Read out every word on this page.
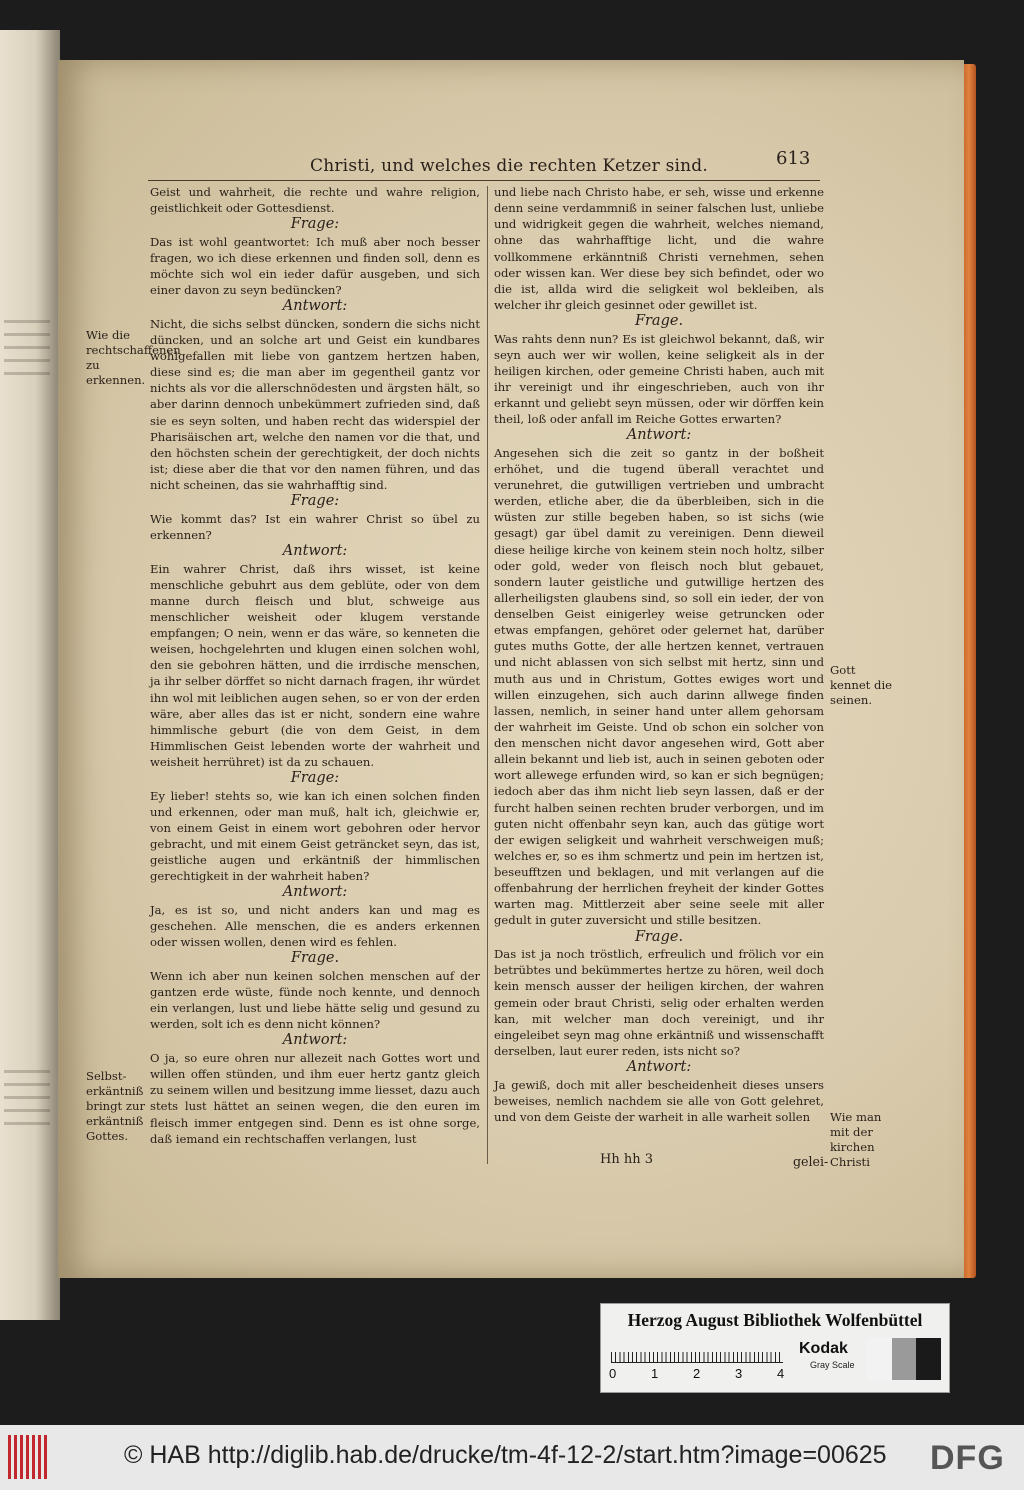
Christi, und welches die rechten Ketzer sind.	613

Geist und wahrheit, die rechte und wahre religion, geistlichkeit oder Gottesdienst.

Frage:

Das ist wohl geantwortet: Ich muß aber noch besser fragen, wo ich diese erkennen und finden soll, denn es möchte sich wol ein ieder dafür ausgeben, und sich einer davon zu seyn bedüncken?

Antwort:

Nicht, die sichs selbst düncken, sondern die sichs nicht düncken, und an solche art und Geist ein kundbares wohlgefallen mit liebe von gantzem hertzen haben, diese sind es; die man aber im gegentheil gantz vor nichts als vor die allerschnödesten und ärgsten hält, so aber darinn dennoch unbekümmert zufrieden sind, daß sie es seyn solten, und haben recht das widerspiel der Pharisäischen art, welche den namen vor die that, und den höchsten schein der gerechtigkeit, der doch nichts ist; diese aber die that vor den namen führen, und das nicht scheinen, das sie wahrhafftig sind.

Frage:

Wie kommt das? Ist ein wahrer Christ so übel zu erkennen?

Antwort:

Ein wahrer Christ, daß ihrs wisset, ist keine menschliche gebuhrt aus dem geblüte, oder von dem manne durch fleisch und blut, schweige aus menschlicher weisheit oder klugem verstande empfangen; O nein, wenn er das wäre, so kenneten die weisen, hochgelehrten und klugen einen solchen wohl, den sie gebohren hätten, und die irrdische menschen, ja ihr selber dörffet so nicht darnach fragen, ihr würdet ihn wol mit leiblichen augen sehen, so er von der erden wäre, aber alles das ist er nicht, sondern eine wahre himmlische geburt (die von dem Geist, in dem Himmlischen Geist lebenden worte der wahrheit und weisheit herrühret) ist da zu schauen.

Frage:

Ey lieber! stehts so, wie kan ich einen solchen finden und erkennen, oder man muß, halt ich, gleichwie er, von einem Geist in einem wort gebohren oder hervor gebracht, und mit einem Geist geträncket seyn, das ist, geistliche augen und erkäntniß der himmlischen gerechtigkeit in der wahrheit haben?

Antwort:

Ja, es ist so, und nicht anders kan und mag es geschehen. Alle menschen, die es anders erkennen oder wissen wollen, denen wird es fehlen.

Frage.

Wenn ich aber nun keinen solchen menschen auf der gantzen erde wüste, fünde noch kennte, und dennoch ein verlangen, lust und liebe hätte selig und gesund zu werden, solt ich es denn nicht können?

Antwort:

O ja, so eure ohren nur allezeit nach Gottes wort und willen offen stünden, und ihm euer hertz gantz gleich zu seinem willen und besitzung imme liesset, dazu auch stets lust hättet an seinen wegen, die den euren im fleisch immer entgegen sind. Denn es ist ohne sorge, daß iemand ein rechtschaffen verlangen, lust

und liebe nach Christo habe, er seh, wisse und erkenne denn seine verdammniß in seiner falschen lust, unliebe und widrigkeit gegen die wahrheit, welches niemand, ohne das wahrhafftige licht, und die wahre vollkommene erkänntniß Christi vernehmen, sehen oder wissen kan. Wer diese bey sich befindet, oder wo die ist, allda wird die seligkeit wol bekleiben, als welcher ihr gleich gesinnet oder gewillet ist.

Frage.

Was rahts denn nun? Es ist gleichwol bekannt, daß, wir seyn auch wer wir wollen, keine seligkeit als in der heiligen kirchen, oder gemeine Christi haben, auch mit ihr vereinigt und ihr eingeschrieben, auch von ihr erkannt und geliebt seyn müssen, oder wir dörffen kein theil, loß oder anfall im Reiche Gottes erwarten?

Antwort:

Angesehen sich die zeit so gantz in der boßheit erhöhet, und die tugend überall verachtet und verunehret, die gutwilligen vertrieben und umbracht werden, etliche aber, die da überbleiben, sich in die wüsten zur stille begeben haben, so ist sichs (wie gesagt) gar übel damit zu vereinigen. Denn dieweil diese heilige kirche von keinem stein noch holtz, silber oder gold, weder von fleisch noch blut gebauet, sondern lauter geistliche und gutwillige hertzen des allerheiligsten glaubens sind, so soll ein ieder, der von denselben Geist einigerley weise getruncken oder etwas empfangen, gehöret oder gelernet hat, darüber gutes muths Gotte, der alle hertzen kennet, vertrauen und nicht ablassen von sich selbst mit hertz, sinn und muth aus und in Christum, Gottes ewiges wort und willen einzugehen, sich auch darinn allwege finden lassen, nemlich, in seiner hand unter allem gehorsam der wahrheit im Geiste. Und ob schon ein solcher von den menschen nicht davor angesehen wird, Gott aber allein bekannt und lieb ist, auch in seinen geboten oder wort allewege erfunden wird, so kan er sich begnügen; iedoch aber das ihm nicht lieb seyn lassen, daß er der furcht halben seinen rechten bruder verborgen, und im guten nicht offenbahr seyn kan, auch das gütige wort der ewigen seligkeit und wahrheit verschweigen muß; welches er, so es ihm schmertz und pein im hertzen ist, beseufftzen und beklagen, und mit verlangen auf die offenbahrung der herrlichen freyheit der kinder Gottes warten mag. Mittlerzeit aber seine seele mit aller gedult in guter zuversicht und stille besitzen.

Frage.

Das ist ja noch tröstlich, erfreulich und frölich vor ein betrübtes und bekümmertes hertze zu hören, weil doch kein mensch ausser der heiligen kirchen, der wahren gemein oder braut Christi, selig oder erhalten werden kan, mit welcher man doch vereinigt, und ihr eingeleibet seyn mag ohne erkäntniß und wissenschafft derselben, laut eurer reden, ists nicht so?

Antwort:

Ja gewiß, doch mit aller bescheidenheit dieses unsers beweises, nemlich nachdem sie alle von Gott gelehret, und von dem Geiste der warheit in alle warheit sollen

Wie die rechtschaffenen zu erkennen.
Selbst-erkäntniß bringt zur erkäntniß Gottes.
Gott kennet die seinen.
Wie man mit der kirchen Christi
Hh hh 3	gelei-
Herzog August Bibliothek Wolfenbüttel
0	1	2	3	4
Kodak
Gray Scale
© HAB http://diglib.hab.de/drucke/tm-4f-12-2/start.htm?image=00625 DFG
